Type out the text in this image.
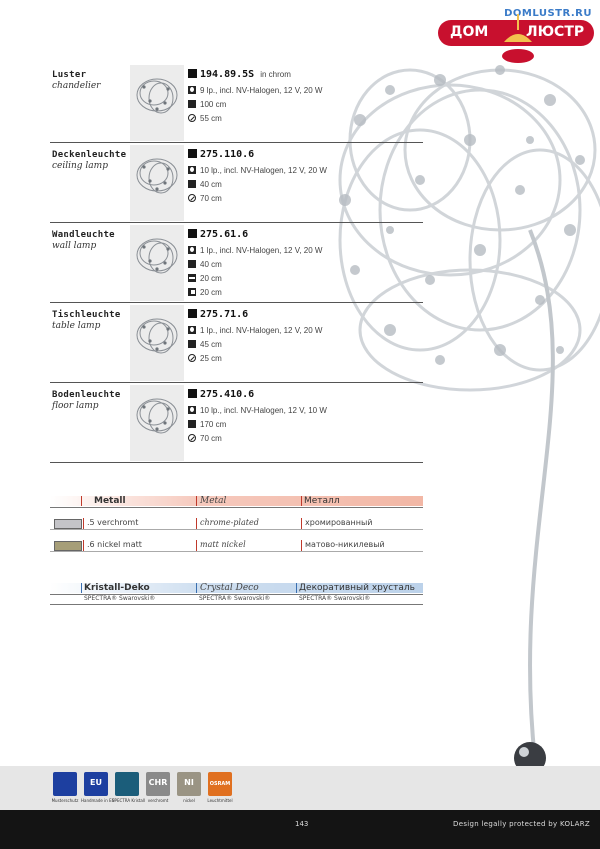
DOMLUSTR.RU
ДОМ	ЛЮСТР
Luster
chandelier
194.89.5S in chrom
9 lp., incl. NV-Halogen, 12 V, 20 W
100 cm
55 cm
Deckenleuchte
ceiling lamp
275.110.6
10 lp., incl. NV-Halogen, 12 V, 20 W
40 cm
70 cm
Wandleuchte
wall lamp
275.61.6
1 lp., incl. NV-Halogen, 12 V, 20 W
40 cm
20 cm
20 cm
Tischleuchte
table lamp
275.71.6
1 lp., incl. NV-Halogen, 12 V, 20 W
45 cm
25 cm
Bodenleuchte
floor lamp
275.410.6
10 lp., incl. NV-Halogen, 12 V, 10 W
170 cm
70 cm
Metall	Metal	Металл
.5 verchromt	chrome-plated	хромированный
.6 nickel matt	matt nickel	матово-никилевый
Kristall-Deko	Crystal Deco	Декоративный хрусталь
SPECTRA® Swarovski®	SPECTRA® Swarovski®	SPECTRA® Swarovski®
Musterschutz
EU
Handmade in EU
SPECTRA Kristall
CHR
verchromt
NI
nickel
OSRAM
Leuchtmittel
143	Design legally protected by KOLARZ
